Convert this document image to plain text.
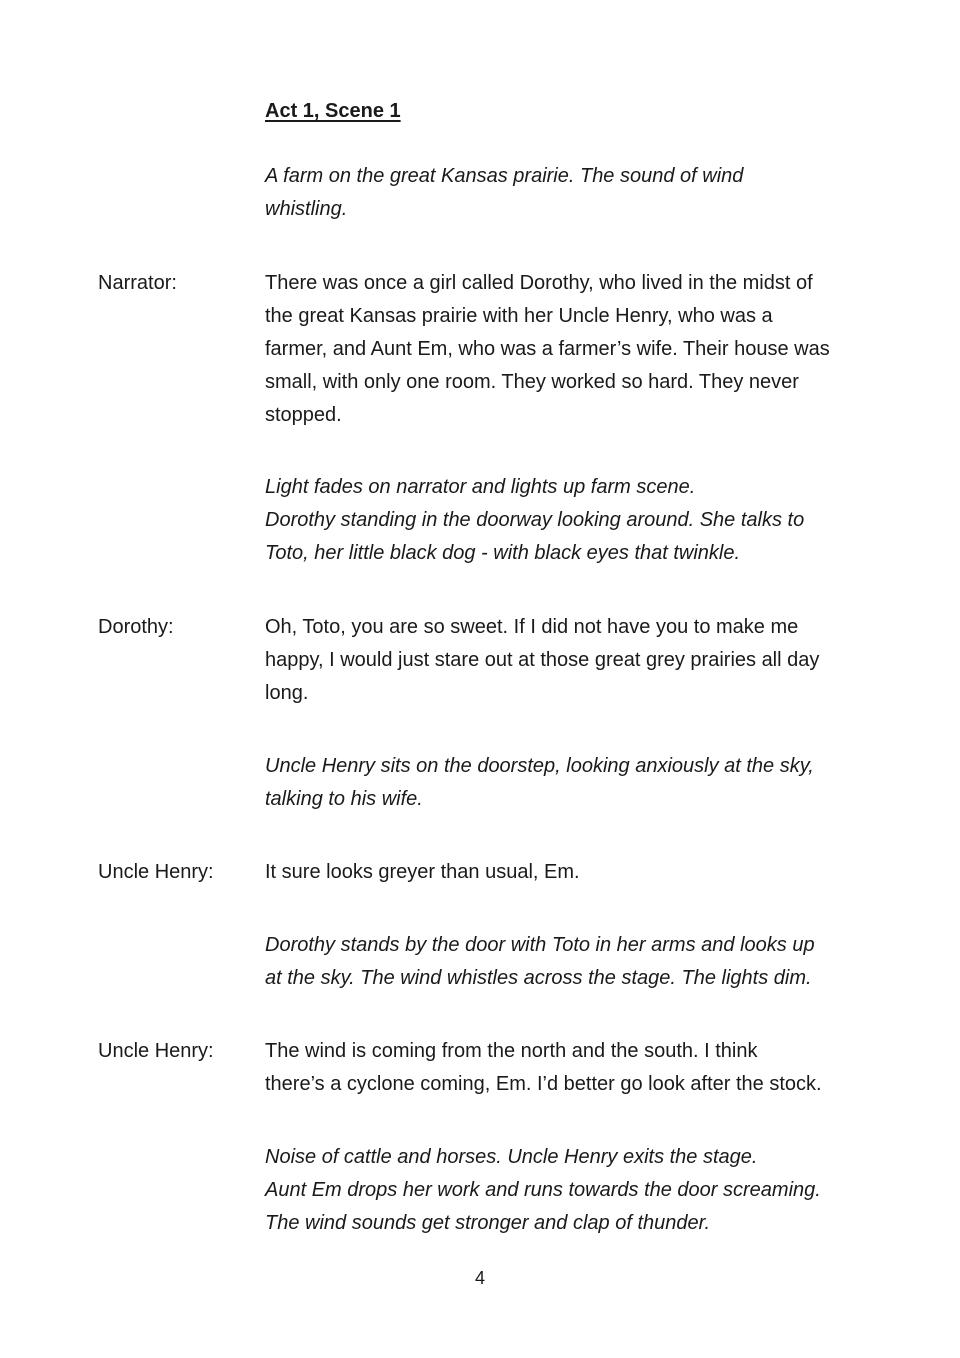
Act 1, Scene 1

A farm on the great Kansas prairie. The sound of wind
whistling.

Narrator:	There was once a girl called Dorothy, who lived in the midst of
the great Kansas prairie with her Uncle Henry, who was a
farmer, and Aunt Em, who was a farmer’s wife. Their house was
small, with only one room. They worked so hard. They never
stopped.

Light fades on narrator and lights up farm scene.
Dorothy standing in the doorway looking around. She talks to
Toto, her little black dog - with black eyes that twinkle.

Dorothy:	Oh, Toto, you are so sweet. If I did not have you to make me
happy, I would just stare out at those great grey prairies all day
long.

Uncle Henry sits on the doorstep, looking anxiously at the sky,
talking to his wife.

Uncle Henry:	It sure looks greyer than usual, Em.

Dorothy stands by the door with Toto in her arms and looks up
at the sky. The wind whistles across the stage. The lights dim.

Uncle Henry:	The wind is coming from the north and the south. I think
there’s a cyclone coming, Em. I’d better go look after the stock.

Noise of cattle and horses. Uncle Henry exits the stage.
Aunt Em drops her work and runs towards the door screaming.
The wind sounds get stronger and clap of thunder.

4
